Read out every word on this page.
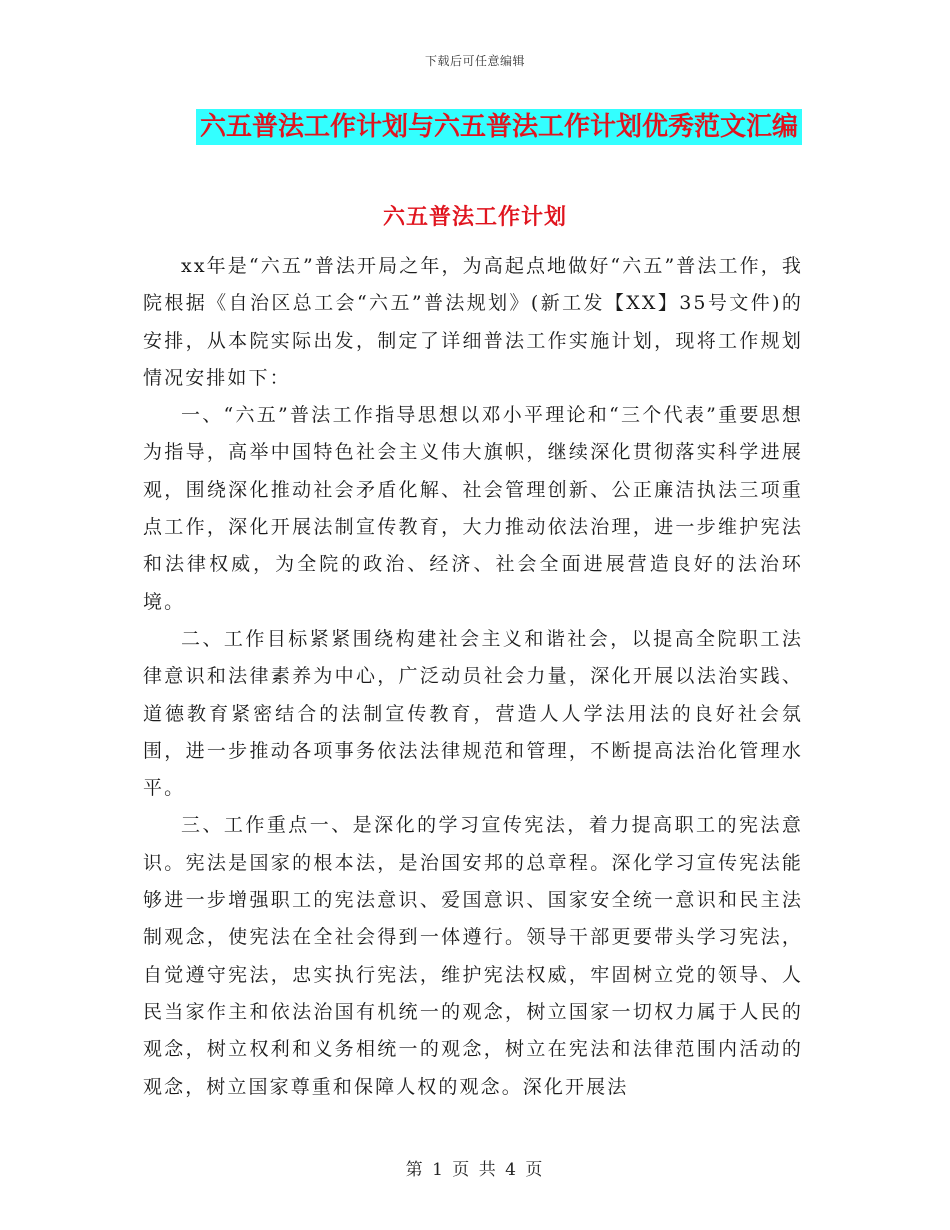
下载后可任意编辑
六五普法工作计划与六五普法工作计划优秀范文汇编
六五普法工作计划

xx年是“六五”普法开局之年，为高起点地做好“六五”普法工作，我院根据《自治区总工会“六五”普法规划》(新工发【XX】35号文件)的安排，从本院实际出发，制定了详细普法工作实施计划，现将工作规划情况安排如下：

一、“六五”普法工作指导思想以邓小平理论和“三个代表”重要思想为指导，高举中国特色社会主义伟大旗帜，继续深化贯彻落实科学进展观，围绕深化推动社会矛盾化解、社会管理创新、公正廉洁执法三项重点工作，深化开展法制宣传教育，大力推动依法治理，进一步维护宪法和法律权威，为全院的政治、经济、社会全面进展营造良好的法治环境。

二、工作目标紧紧围绕构建社会主义和谐社会，以提高全院职工法律意识和法律素养为中心，广泛动员社会力量，深化开展以法治实践、道德教育紧密结合的法制宣传教育，营造人人学法用法的良好社会氛围，进一步推动各项事务依法法律规范和管理，不断提高法治化管理水平。

三、工作重点一、是深化的学习宣传宪法，着力提高职工的宪法意识。宪法是国家的根本法，是治国安邦的总章程。深化学习宣传宪法能够进一步增强职工的宪法意识、爱国意识、国家安全统一意识和民主法制观念，使宪法在全社会得到一体遵行。领导干部更要带头学习宪法，自觉遵守宪法，忠实执行宪法，维护宪法权威，牢固树立党的领导、人民当家作主和依法治国有机统一的观念，树立国家一切权力属于人民的观念，树立权利和义务相统一的观念，树立在宪法和法律范围内活动的观念，树立国家尊重和保障人权的观念。深化开展法

第 1 页 共 4 页
